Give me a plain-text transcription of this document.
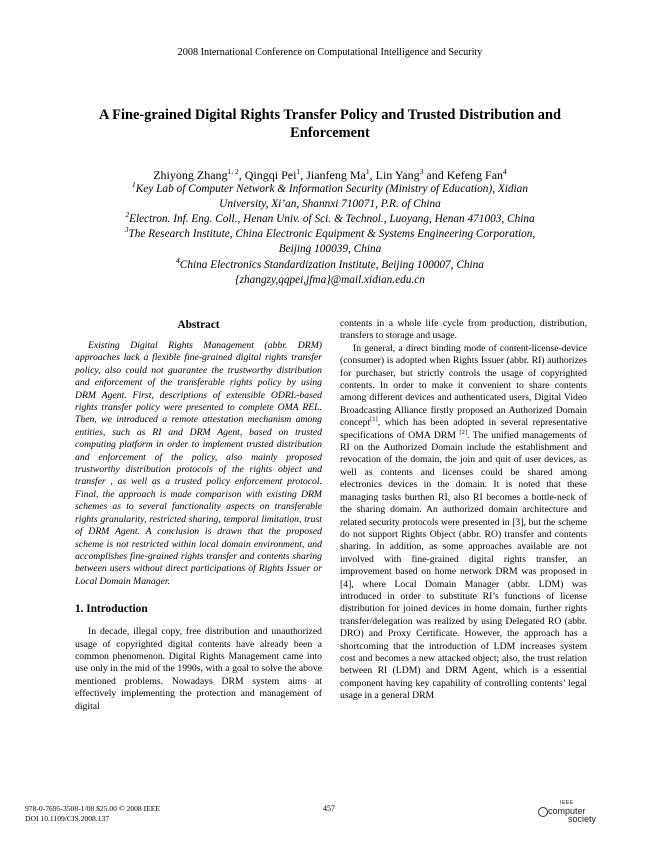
2008 International Conference on Computational Intelligence and Security
A Fine-grained Digital Rights Transfer Policy and Trusted Distribution and
Enforcement
Zhiyong Zhang$^{1, 2}$, Qingqi Pei$^1$, Jianfeng Ma$^1$, Lin Yang$^3$ and Kefeng Fan$^4$
$^1$Key Lab of Computer Network & Information Security (Ministry of Education), Xidian
University, Xi’an, Shannxi 710071, P.R. of China
$^2$Electron. Inf. Eng. Coll., Henan Univ. of Sci. & Technol., Luoyang, Henan 471003, China
$^3$The Research Institute, China Electronic Equipment & Systems Engineering Corporation,
Beijing 100039, China
$^4$China Electronics Standardization Institute, Beijing 100007, China
{zhangzy,qqpei,jfma}@mail.xidian.edu.cn
Abstract

Existing Digital Rights Management (abbr. DRM) approaches lack a flexible fine-grained digital rights transfer policy, also could not guarantee the trustworthy distribution and enforcement of the transferable rights policy by using DRM Agent. First, descriptions of extensible ODRL-based rights transfer policy were presented to complete OMA REL. Then, we introduced a remote attestation mechanism among entities, such as RI and DRM Agent, based on trusted computing platform in order to implement trusted distribution and enforcement of the policy, also mainly proposed trustworthy distribution protocols of the rights object and transfer , as well as a trusted policy enforcement protocol. Final, the approach is made comparison with existing DRM schemes as to several functionality aspects on transferable rights granularity, restricted sharing, temporal limitation, trust of DRM Agent. A conclusion is drawn that the proposed scheme is not restricted within local domain environment, and accomplishes fine-grained rights transfer and contents sharing between users without direct participations of Rights Issuer or Local Domain Manager.

1. Introduction

In decade, illegal copy, free distribution and unauthorized usage of copyrighted digital contents have already been a common phenomenon. Digital Rights Management came into use only in the mid of the 1990s, with a goal to solve the above mentioned problems. Nowadays DRM system aims at effectively implementing the protection and management of digital

contents in a whole life cycle from production, distribution, transfers to storage and usage.

In general, a direct binding mode of content-license-device (consumer) is adopted when Rights Issuer (abbr. RI) authorizes for purchaser, but strictly controls the usage of copyrighted contents. In order to make it convenient to share contents among different devices and authenticated users, Digital Video Broadcasting Alliance firstly proposed an Authorized Domain concept[1], which has been adopted in several representative specifications of OMA DRM [2]. The unified managements of RI on the Authorized Domain include the establishment and revocation of the domain, the join and quit of user devices, as well as contents and licenses could be shared among electronics devices in the domain. It is noted that these managing tasks burthen RI, also RI becomes a bottle-neck of the sharing domain. An authorized domain architecture and related security protocols were presented in [3], but the scheme do not support Rights Object (abbr. RO) transfer and contents sharing. In addition, as some approaches available are not involved with fine-grained digital rights transfer, an improvement based on home network DRM was proposed in [4], where Local Domain Manager (abbr. LDM) was introduced in order to substitute RI’s functions of license distribution for joined devices in home domain, further rights transfer/delegation was realized by using Delegated RO (abbr. DRO) and Proxy Certificate. However, the approach has a shortcoming that the introduction of LDM increases system cost and becomes a new attacked object; also, the trust relation between RI (LDM) and DRM Agent, which is a essential component having key capability of controlling contents’ legal usage in a general DRM

978-0-7695-3508-1/08 $25.00 © 2008 IEEE
DOI 10.1109/CIS.2008.137
457
IEEE
computer
society
